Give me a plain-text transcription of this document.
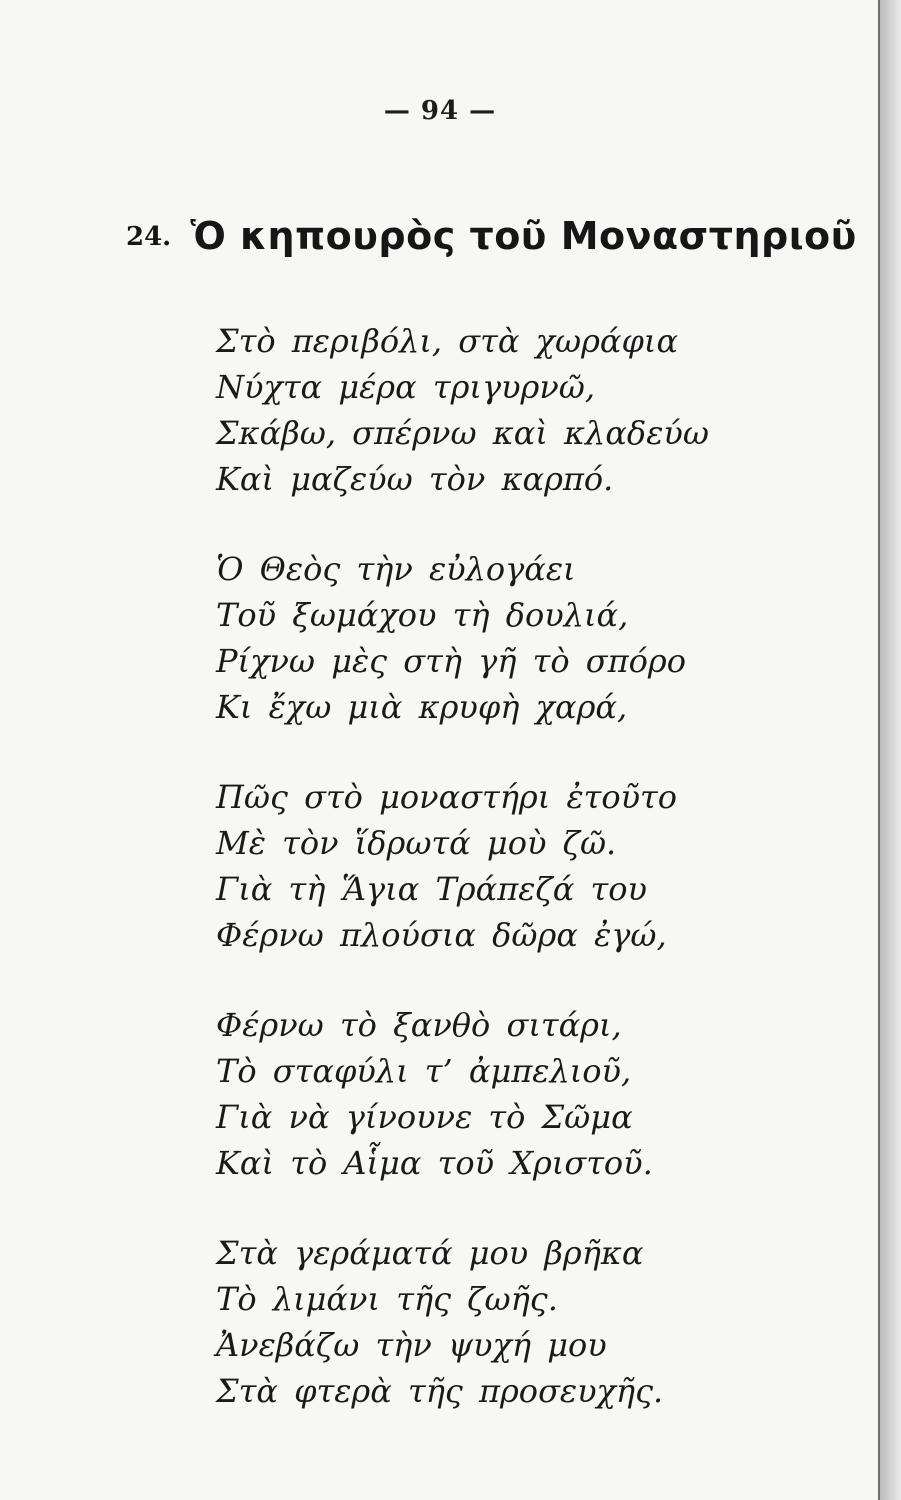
— 94 —
24. Ὁ κηπουρὸς τοῦ Μοναστηριοῦ
Στὸ περιβόλι, στὰ χωράφια
Νύχτα μέρα τριγυρνῶ,
Σκάβω, σπέρνω καὶ κλαδεύω
Καὶ μαζεύω τὸν καρπό.
Ὁ Θεὸς τὴν εὐλογάει
Τοῦ ξωμάχου τὴ δουλιά,
Ρίχνω μὲς στὴ γῆ τὸ σπόρο
Κι ἔχω μιὰ κρυφὴ χαρά,
Πῶς στὸ μοναστήρι ἐτοῦτο
Μὲ τὸν ἵδρωτά μοὺ ζῶ.
Γιὰ τὴ Ἅγια Τράπεζά του
Φέρνω πλούσια δῶρα ἐγώ,
Φέρνω τὸ ξανθὸ σιτάρι,
Τὸ σταφύλι τ’ ἀμπελιοῦ,
Γιὰ νὰ γίνουνε τὸ Σῶμα
Καὶ τὸ Αἷμα τοῦ Χριστοῦ.
Στὰ γεράματά μου βρῆκα
Τὸ λιμάνι τῆς ζωῆς.
Ἀνεβάζω τὴν ψυχή μου
Στὰ φτερὰ τῆς προσευχῆς.
